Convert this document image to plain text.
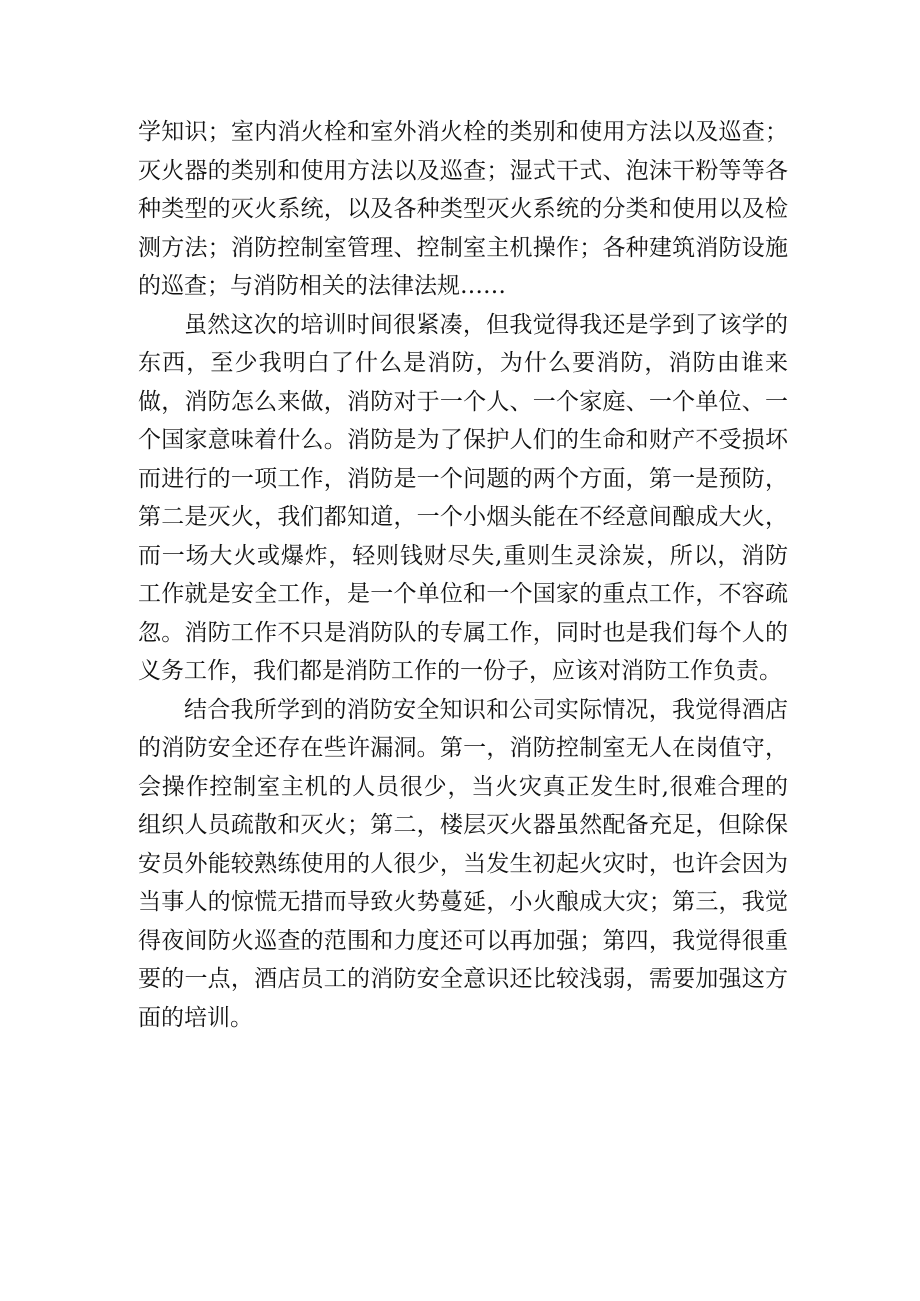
学知识；室内消火栓和室外消火栓的类别和使用方法以及巡查；灭火器的类别和使用方法以及巡查；湿式干式、泡沫干粉等等各种类型的灭火系统，以及各种类型灭火系统的分类和使用以及检测方法；消防控制室管理、控制室主机操作；各种建筑消防设施的巡查；与消防相关的法律法规……

虽然这次的培训时间很紧凑，但我觉得我还是学到了该学的东西，至少我明白了什么是消防，为什么要消防，消防由谁来做，消防怎么来做，消防对于一个人、一个家庭、一个单位、一个国家意味着什么。消防是为了保护人们的生命和财产不受损坏而进行的一项工作，消防是一个问题的两个方面，第一是预防，第二是灭火，我们都知道，一个小烟头能在不经意间酿成大火，而一场大火或爆炸，轻则钱财尽失,重则生灵涂炭，所以，消防工作就是安全工作，是一个单位和一个国家的重点工作，不容疏忽。消防工作不只是消防队的专属工作，同时也是我们每个人的义务工作，我们都是消防工作的一份子，应该对消防工作负责。

结合我所学到的消防安全知识和公司实际情况，我觉得酒店的消防安全还存在些许漏洞。第一，消防控制室无人在岗值守，会操作控制室主机的人员很少，当火灾真正发生时,很难合理的组织人员疏散和灭火；第二，楼层灭火器虽然配备充足，但除保安员外能较熟练使用的人很少，当发生初起火灾时，也许会因为当事人的惊慌无措而导致火势蔓延，小火酿成大灾；第三，我觉得夜间防火巡查的范围和力度还可以再加强；第四，我觉得很重要的一点，酒店员工的消防安全意识还比较浅弱，需要加强这方面的培训。
